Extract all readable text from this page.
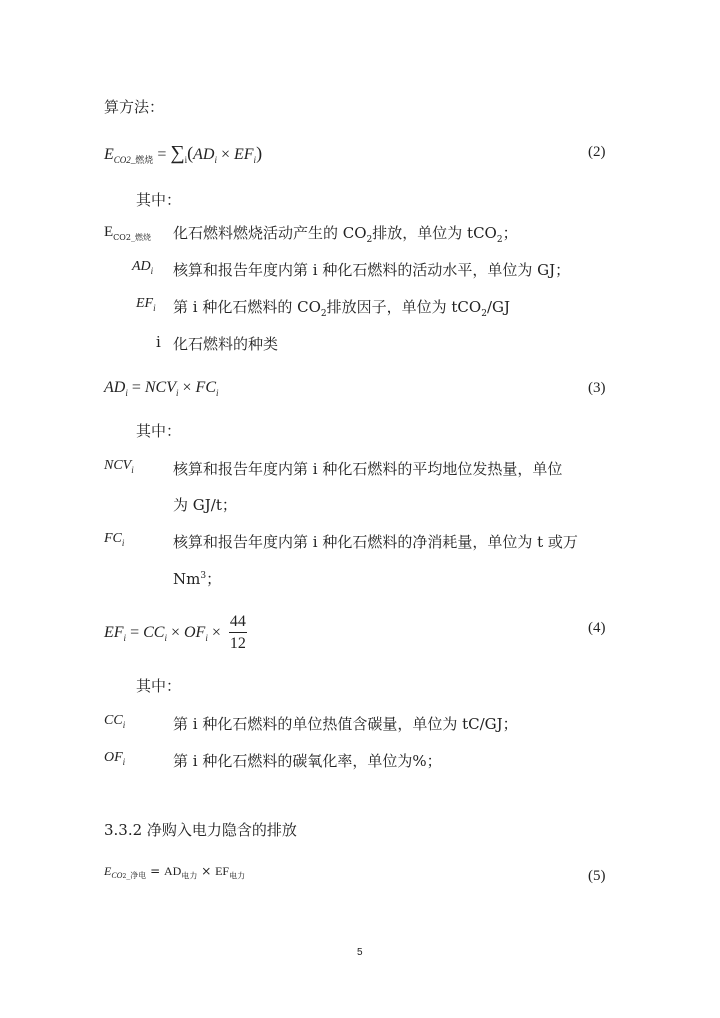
算方法：
$E_{CO2\_燃烧} = \sum_i(AD_i \times EF_i)$	(2)
其中：
$E_{CO2\_燃烧}$ 化石燃料燃烧活动产生的 $CO_2$排放，单位为 tCO$_2$；
$AD_i$ 核算和报告年度内第 i 种化石燃料的活动水平，单位为 GJ；
$EF_i$ 第 i 种化石燃料的 $CO_2$排放因子，单位为 tCO$_2$/GJ
i 化石燃料的种类
$AD_i = NCV_i \times FC_i$	(3)
其中：
$NCV_i$	核算和报告年度内第 i 种化石燃料的平均地位发热量，单位
为 GJ/t；
$FC_i$	核算和报告年度内第 i 种化石燃料的净消耗量，单位为 t 或万
Nm$^3$；
$EF_i = CC_i \times OF_i \times \frac{44}{12}$	(4)
其中：
$CC_i$	第 i 种化石燃料的单位热值含碳量，单位为 tC/GJ；
$OF_i$	第 i 种化石燃料的碳氧化率，单位为%；
3.3.2 净购入电力隐含的排放
$E_{CO2\_净电} = AD_{电力} \times EF_{电力}$	(5)
5
